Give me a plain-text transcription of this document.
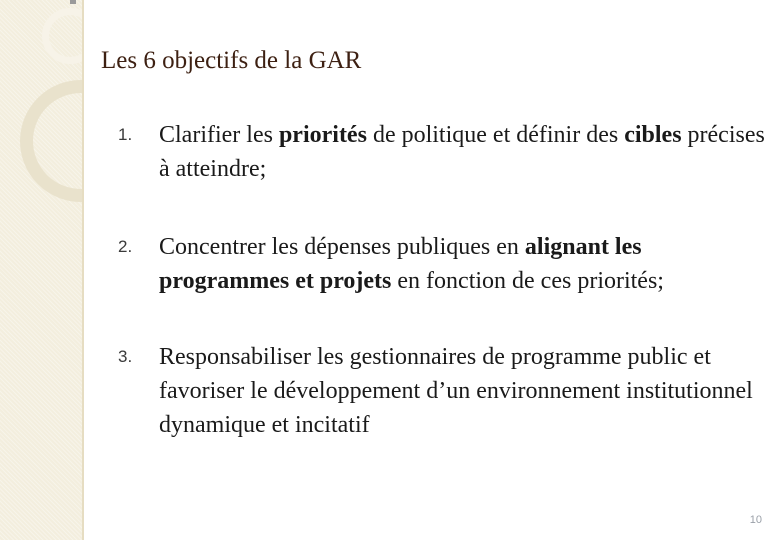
Les 6 objectifs de la GAR
1. Clarifier les priorités de politique et définir des cibles précises à atteindre;
2. Concentrer les dépenses publiques en alignant les programmes et projets en fonction de ces priorités;
3. Responsabiliser les gestionnaires de programme public et favoriser le développement d’un environnement institutionnel dynamique et incitatif
10
